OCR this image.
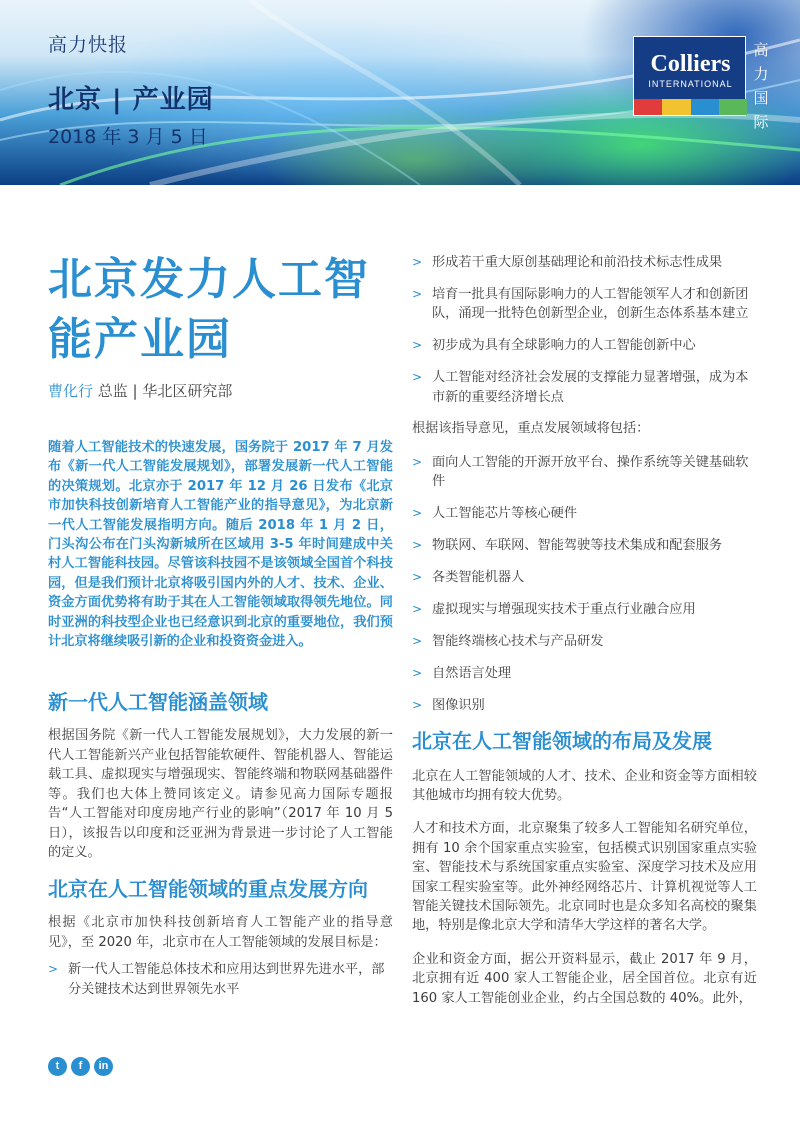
高力快报
北京 | 产业园
2018 年 3 月 5 日
Colliers
INTERNATIONAL
高
力
国
际
北京发力人工智
能产业园
曹化行 总监 | 华北区研究部

随着人工智能技术的快速发展，国务院于 2017 年 7 月发布《新一代人工智能发展规划》，部署发展新一代人工智能的决策规划。北京亦于 2017 年 12 月 26 日发布《北京市加快科技创新培育人工智能产业的指导意见》，为北京新一代人工智能发展指明方向。随后 2018 年 1 月 2 日，门头沟公布在门头沟新城所在区域用 3-5 年时间建成中关村人工智能科技园。尽管该科技园不是该领域全国首个科技园，但是我们预计北京将吸引国内外的人才、技术、企业、资金方面优势将有助于其在人工智能领域取得领先地位。同时亚洲的科技型企业也已经意识到北京的重要地位，我们预计北京将继续吸引新的企业和投资资金进入。

新一代人工智能涵盖领域

根据国务院《新一代人工智能发展规划》，大力发展的新一代人工智能新兴产业包括智能软硬件、智能机器人、智能运载工具、虚拟现实与增强现实、智能终端和物联网基础器件等。我们也大体上赞同该定义。请参见高力国际专题报告“人工智能对印度房地产行业的影响”（2017 年 10 月 5 日），该报告以印度和泛亚洲为背景进一步讨论了人工智能的定义。

北京在人工智能领域的重点发展方向

根据《北京市加快科技创新培育人工智能产业的指导意见》，至 2020 年，北京市在人工智能领域的发展目标是：

> 新一代人工智能总体技术和应用达到世界先进水平，部分关键技术达到世界领先水平
t	f	in
> 形成若干重大原创基础理论和前沿技术标志性成果
> 培育一批具有国际影响力的人工智能领军人才和创新团队，涌现一批特色创新型企业，创新生态体系基本建立
> 初步成为具有全球影响力的人工智能创新中心
> 人工智能对经济社会发展的支撑能力显著增强，成为本市新的重要经济增长点

根据该指导意见，重点发展领域将包括：

> 面向人工智能的开源开放平台、操作系统等关键基础软件
> 人工智能芯片等核心硬件
> 物联网、车联网、智能驾驶等技术集成和配套服务
> 各类智能机器人
> 虚拟现实与增强现实技术于重点行业融合应用
> 智能终端核心技术与产品研发
> 自然语言处理
> 图像识别
北京在人工智能领域的布局及发展

北京在人工智能领域的人才、技术、企业和资金等方面相较其他城市均拥有较大优势。

人才和技术方面，北京聚集了较多人工智能知名研究单位，拥有 10 余个国家重点实验室，包括模式识别国家重点实验室、智能技术与系统国家重点实验室、深度学习技术及应用国家工程实验室等。此外神经网络芯片、计算机视觉等人工智能关键技术国际领先。北京同时也是众多知名高校的聚集地，特别是像北京大学和清华大学这样的著名大学。

企业和资金方面，据公开资料显示，截止 2017 年 9 月，北京拥有近 400 家人工智能企业，居全国首位。北京有近 160 家人工智能创业企业，约占全国总数的 40%。此外，
